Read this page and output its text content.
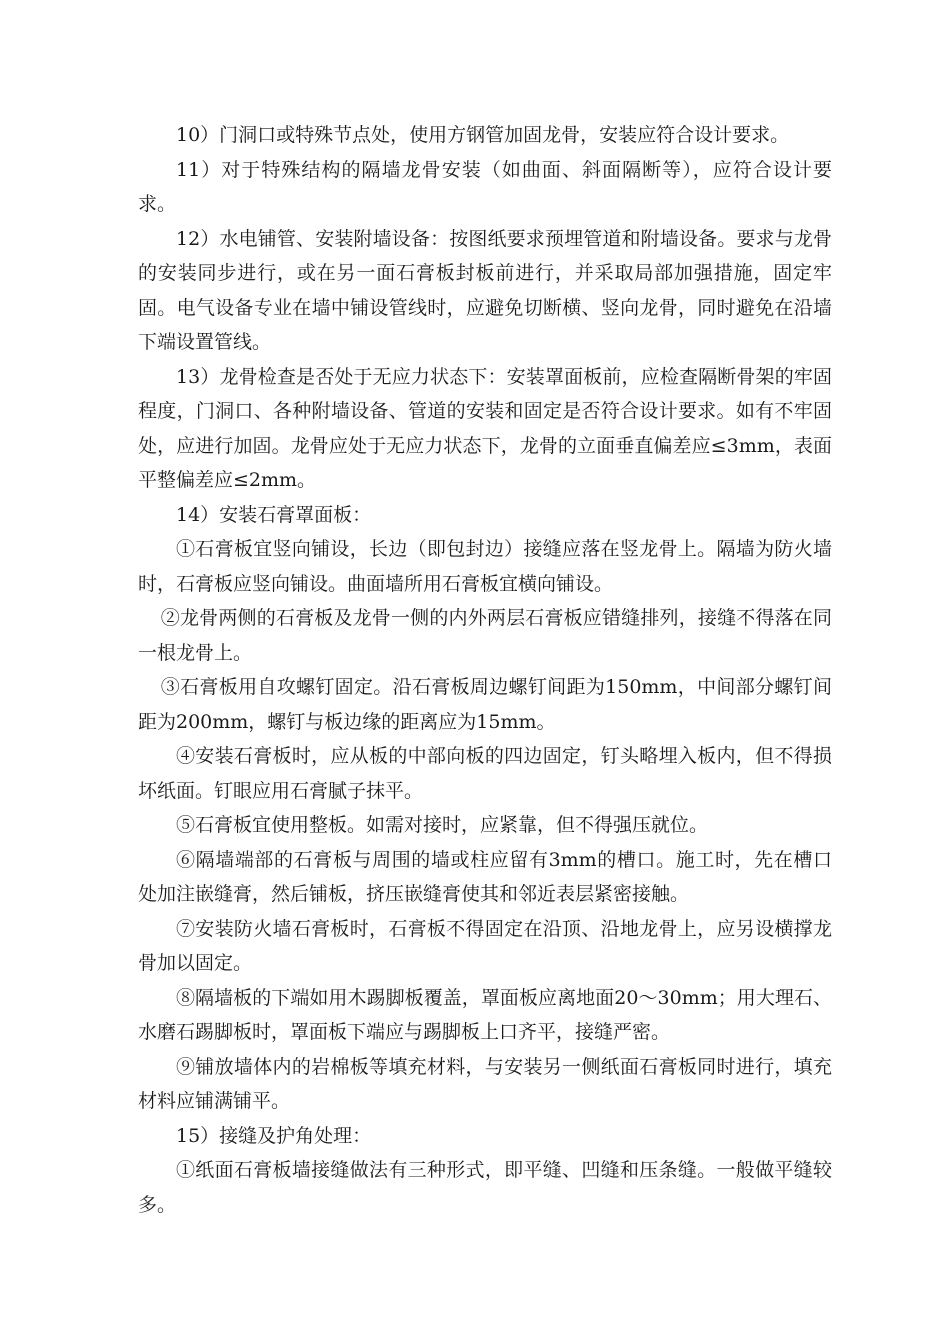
10）门洞口或特殊节点处，使用方钢管加固龙骨，安装应符合设计要求。

11）对于特殊结构的隔墙龙骨安装（如曲面、斜面隔断等），应符合设计要求。

12）水电铺管、安装附墙设备：按图纸要求预埋管道和附墙设备。要求与龙骨的安装同步进行，或在另一面石膏板封板前进行，并采取局部加强措施，固定牢固。电气设备专业在墙中铺设管线时，应避免切断横、竖向龙骨，同时避免在沿墙下端设置管线。

13）龙骨检查是否处于无应力状态下：安装罩面板前，应检查隔断骨架的牢固程度，门洞口、各种附墙设备、管道的安装和固定是否符合设计要求。如有不牢固处，应进行加固。龙骨应处于无应力状态下，龙骨的立面垂直偏差应≤3mm，表面平整偏差应≤2mm。

14）安装石膏罩面板：

①石膏板宜竖向铺设，长边（即包封边）接缝应落在竖龙骨上。隔墙为防火墙时，石膏板应竖向铺设。曲面墙所用石膏板宜横向铺设。

②龙骨两侧的石膏板及龙骨一侧的内外两层石膏板应错缝排列，接缝不得落在同一根龙骨上。

③石膏板用自攻螺钉固定。沿石膏板周边螺钉间距为150mm，中间部分螺钉间距为200mm，螺钉与板边缘的距离应为15mm。

④安装石膏板时，应从板的中部向板的四边固定，钉头略埋入板内，但不得损坏纸面。钉眼应用石膏腻子抹平。

⑤石膏板宜使用整板。如需对接时，应紧靠，但不得强压就位。

⑥隔墙端部的石膏板与周围的墙或柱应留有3mm的槽口。施工时，先在槽口处加注嵌缝膏，然后铺板，挤压嵌缝膏使其和邻近表层紧密接触。

⑦安装防火墙石膏板时，石膏板不得固定在沿顶、沿地龙骨上，应另设横撑龙骨加以固定。

⑧隔墙板的下端如用木踢脚板覆盖，罩面板应离地面20～30mm；用大理石、水磨石踢脚板时，罩面板下端应与踢脚板上口齐平，接缝严密。

⑨铺放墙体内的岩棉板等填充材料，与安装另一侧纸面石膏板同时进行，填充材料应铺满铺平。

15）接缝及护角处理：

①纸面石膏板墙接缝做法有三种形式，即平缝、凹缝和压条缝。一般做平缝较多。
